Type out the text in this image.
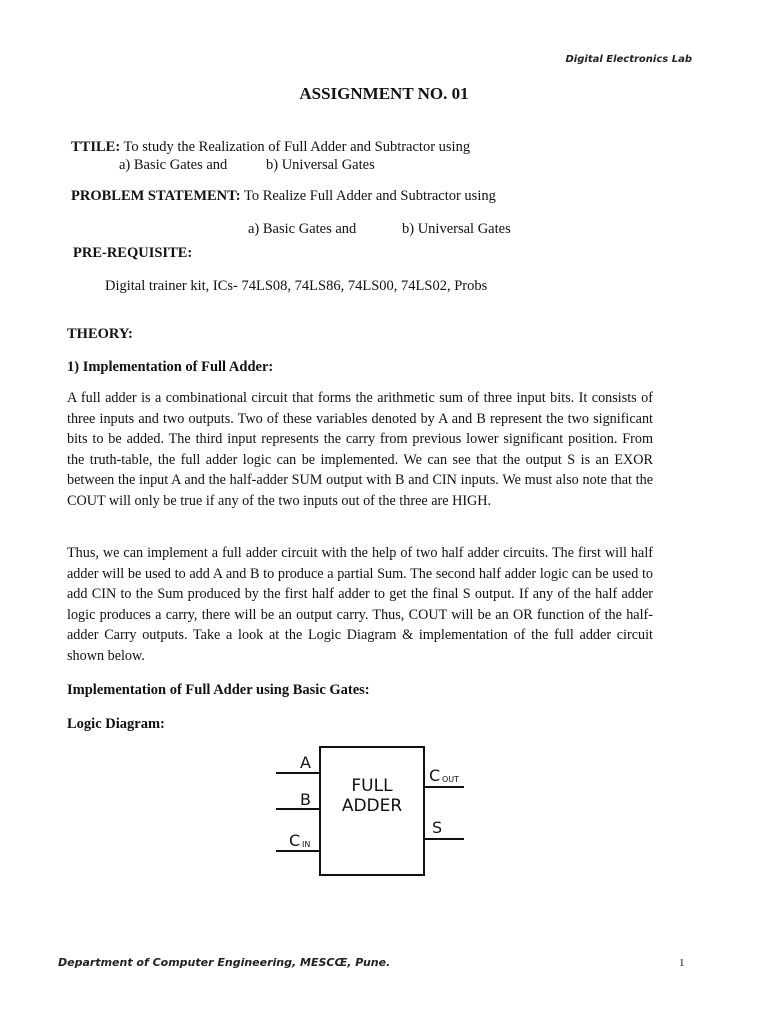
Digital Electronics Lab
ASSIGNMENT NO. 01
TTILE: To study the Realization of Full Adder and Subtractor using
a) Basic Gates and	b) Universal Gates
PROBLEM STATEMENT: To Realize Full Adder and Subtractor using
a) Basic Gates and	b) Universal Gates
PRE-REQUISITE:
Digital trainer kit, ICs- 74LS08, 74LS86, 74LS00, 74LS02, Probs
THEORY:
1) Implementation of Full Adder:

A full adder is a combinational circuit that forms the arithmetic sum of three input bits. It consists of three inputs and two outputs. Two of these variables denoted by A and B represent the two significant bits to be added. The third input represents the carry from previous lower significant position. From the truth-table, the full adder logic can be implemented. We can see that the output S is an EXOR between the input A and the half-adder SUM output with B and CIN inputs. We must also note that the COUT will only be true if any of the two inputs out of the three are HIGH.

Thus, we can implement a full adder circuit with the help of two half adder circuits. The first will half adder will be used to add A and B to produce a partial Sum. The second half adder logic can be used to add CIN to the Sum produced by the first half adder to get the final S output. If any of the half adder logic produces a carry, there will be an output carry. Thus, COUT will be an OR function of the half-adder Carry outputs. Take a look at the Logic Diagram & implementation of the full adder circuit shown below.

Implementation of Full Adder using Basic Gates:
Logic Diagram:
FULL
ADDER
A
B
C IN
C OUT
S
Department of Computer Engineering, MESCŒ, Pune.	1
